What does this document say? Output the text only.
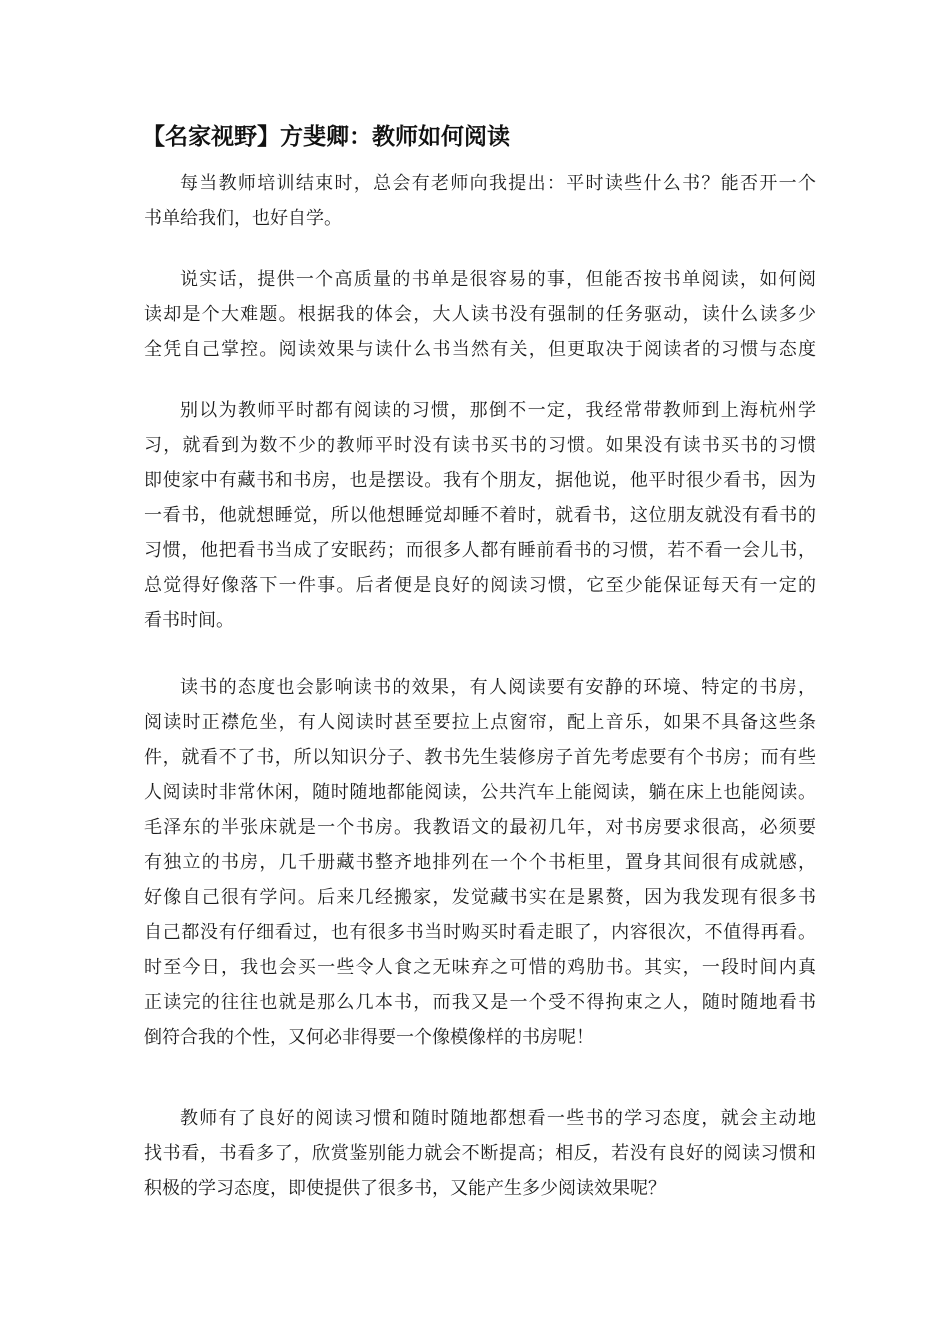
【名家视野】方斐卿：教师如何阅读
每当教师培训结束时，总会有老师向我提出：平时读些什么书？能否开一个
书单给我们，也好自学。
说实话，提供一个高质量的书单是很容易的事，但能否按书单阅读，如何阅
读却是个大难题。根据我的体会，大人读书没有强制的任务驱动，读什么读多少
全凭自己掌控。阅读效果与读什么书当然有关，但更取决于阅读者的习惯与态度
别以为教师平时都有阅读的习惯，那倒不一定，我经常带教师到上海杭州学
习，就看到为数不少的教师平时没有读书买书的习惯。如果没有读书买书的习惯
即使家中有藏书和书房，也是摆设。我有个朋友，据他说，他平时很少看书，因为
一看书，他就想睡觉，所以他想睡觉却睡不着时，就看书，这位朋友就没有看书的
习惯，他把看书当成了安眠药；而很多人都有睡前看书的习惯，若不看一会儿书，
总觉得好像落下一件事。后者便是良好的阅读习惯，它至少能保证每天有一定的
看书时间。
读书的态度也会影响读书的效果，有人阅读要有安静的环境、特定的书房，
阅读时正襟危坐，有人阅读时甚至要拉上点窗帘，配上音乐，如果不具备这些条
件，就看不了书，所以知识分子、教书先生装修房子首先考虑要有个书房；而有些
人阅读时非常休闲，随时随地都能阅读，公共汽车上能阅读，躺在床上也能阅读。
毛泽东的半张床就是一个书房。我教语文的最初几年，对书房要求很高，必须要
有独立的书房，几千册藏书整齐地排列在一个个书柜里，置身其间很有成就感，
好像自己很有学问。后来几经搬家，发觉藏书实在是累赘，因为我发现有很多书
自己都没有仔细看过，也有很多书当时购买时看走眼了，内容很次，不值得再看。
时至今日，我也会买一些令人食之无味弃之可惜的鸡肋书。其实，一段时间内真
正读完的往往也就是那么几本书，而我又是一个受不得拘束之人，随时随地看书
倒符合我的个性，又何必非得要一个像模像样的书房呢！
教师有了良好的阅读习惯和随时随地都想看一些书的学习态度，就会主动地
找书看，书看多了，欣赏鉴别能力就会不断提高；相反，若没有良好的阅读习惯和
积极的学习态度，即使提供了很多书，又能产生多少阅读效果呢？
